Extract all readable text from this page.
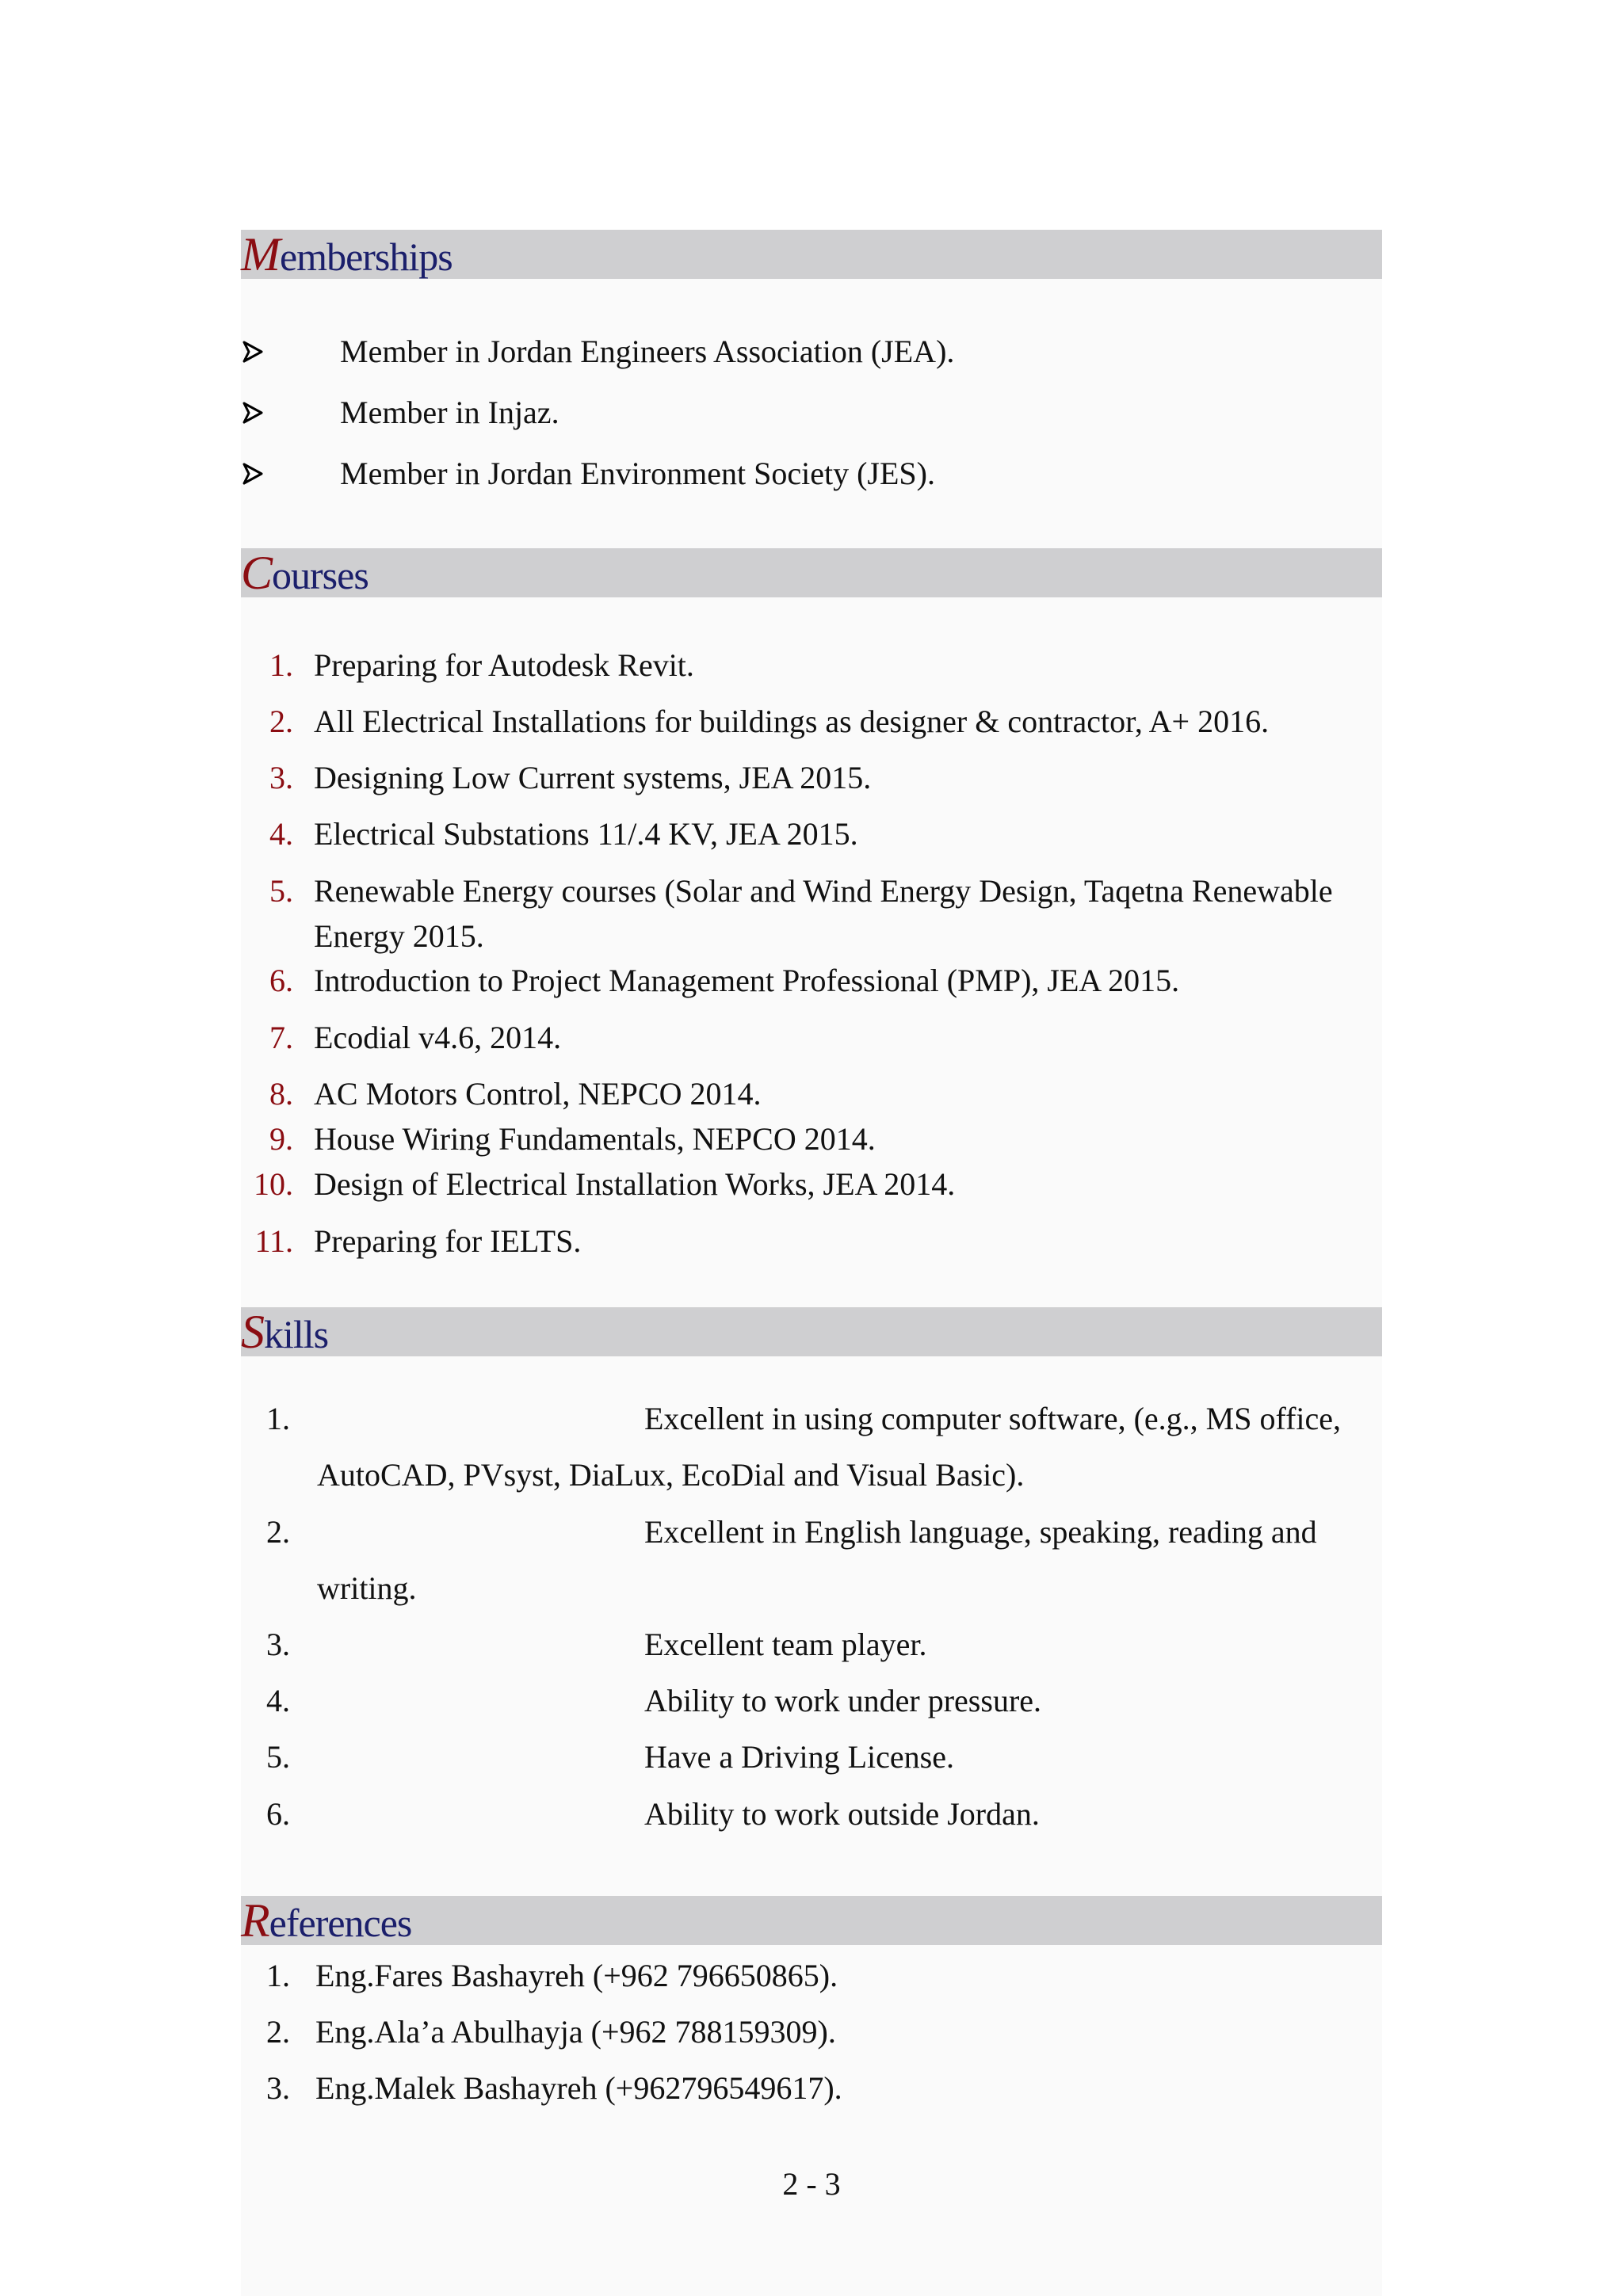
Memberships
Member in Jordan Engineers Association (JEA).
Member in Injaz.
Member in Jordan Environment Society (JES).
Courses
1. Preparing for Autodesk Revit.
2. All Electrical Installations for buildings as designer & contractor, A+ 2016.
3. Designing Low Current systems, JEA 2015.
4. Electrical Substations 11/.4 KV, JEA 2015.
5. Renewable Energy courses (Solar and Wind Energy Design, Taqetna Renewable
Energy 2015.
6. Introduction to Project Management Professional (PMP), JEA 2015.
7. Ecodial v4.6, 2014.
8. AC Motors Control, NEPCO 2014.
9. House Wiring Fundamentals, NEPCO 2014.
10. Design of Electrical Installation Works, JEA 2014.
11. Preparing for IELTS.
Skills
1.	Excellent in using computer software, (e.g., MS office,
AutoCAD, PVsyst, DiaLux, EcoDial and Visual Basic).
2.	Excellent in English language, speaking, reading and
writing.
3.	Excellent team player.
4.	Ability to work under pressure.
5.	Have a Driving License.
6.	Ability to work outside Jordan.
References
1. Eng.Fares Bashayreh (+962 796650865).
2. Eng.Ala’a Abulhayja (+962 788159309).
3. Eng.Malek Bashayreh (+962796549617).
2 - 3
